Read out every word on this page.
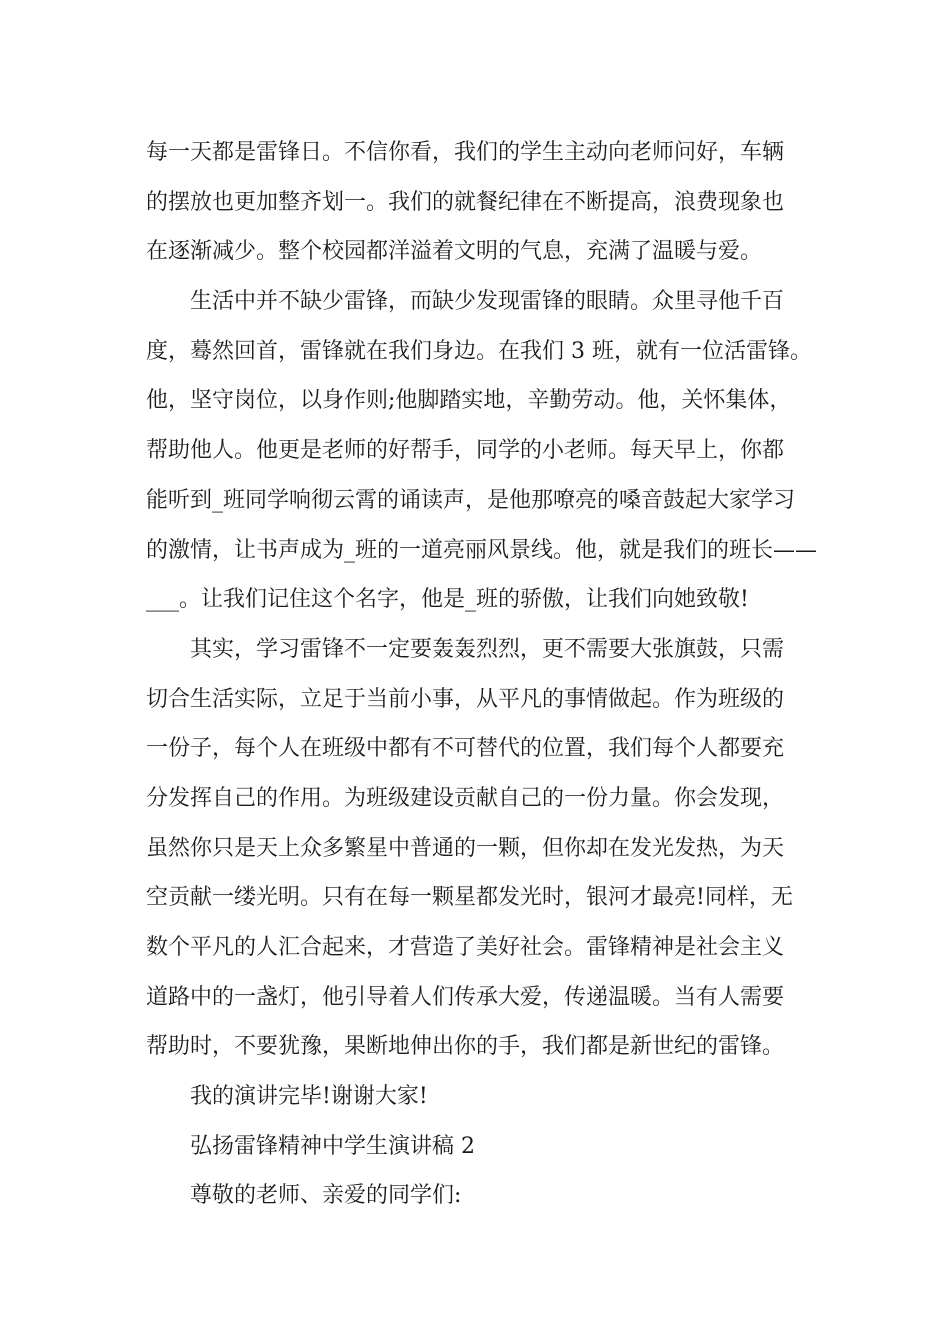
每一天都是雷锋日。不信你看，我们的学生主动向老师问好，车辆
的摆放也更加整齐划一。我们的就餐纪律在不断提高，浪费现象也
在逐渐减少。整个校园都洋溢着文明的气息，充满了温暖与爱。
生活中并不缺少雷锋，而缺少发现雷锋的眼睛。众里寻他千百
度，蓦然回首，雷锋就在我们身边。在我们 3 班，就有一位活雷锋。
他，坚守岗位，以身作则;他脚踏实地，辛勤劳动。他，关怀集体，
帮助他人。他更是老师的好帮手，同学的小老师。每天早上，你都
能听到_班同学响彻云霄的诵读声，是他那嘹亮的嗓音鼓起大家学习
的激情，让书声成为_班的一道亮丽风景线。他，就是我们的班长——
___。让我们记住这个名字，他是_班的骄傲，让我们向她致敬!
其实，学习雷锋不一定要轰轰烈烈，更不需要大张旗鼓，只需
切合生活实际，立足于当前小事，从平凡的事情做起。作为班级的
一份子，每个人在班级中都有不可替代的位置，我们每个人都要充
分发挥自己的作用。为班级建设贡献自己的一份力量。你会发现，
虽然你只是天上众多繁星中普通的一颗，但你却在发光发热，为天
空贡献一缕光明。只有在每一颗星都发光时，银河才最亮!同样，无
数个平凡的人汇合起来，才营造了美好社会。雷锋精神是社会主义
道路中的一盏灯，他引导着人们传承大爱，传递温暖。当有人需要
帮助时，不要犹豫，果断地伸出你的手，我们都是新世纪的雷锋。
我的演讲完毕!谢谢大家!
弘扬雷锋精神中学生演讲稿 2
尊敬的老师、亲爱的同学们:
